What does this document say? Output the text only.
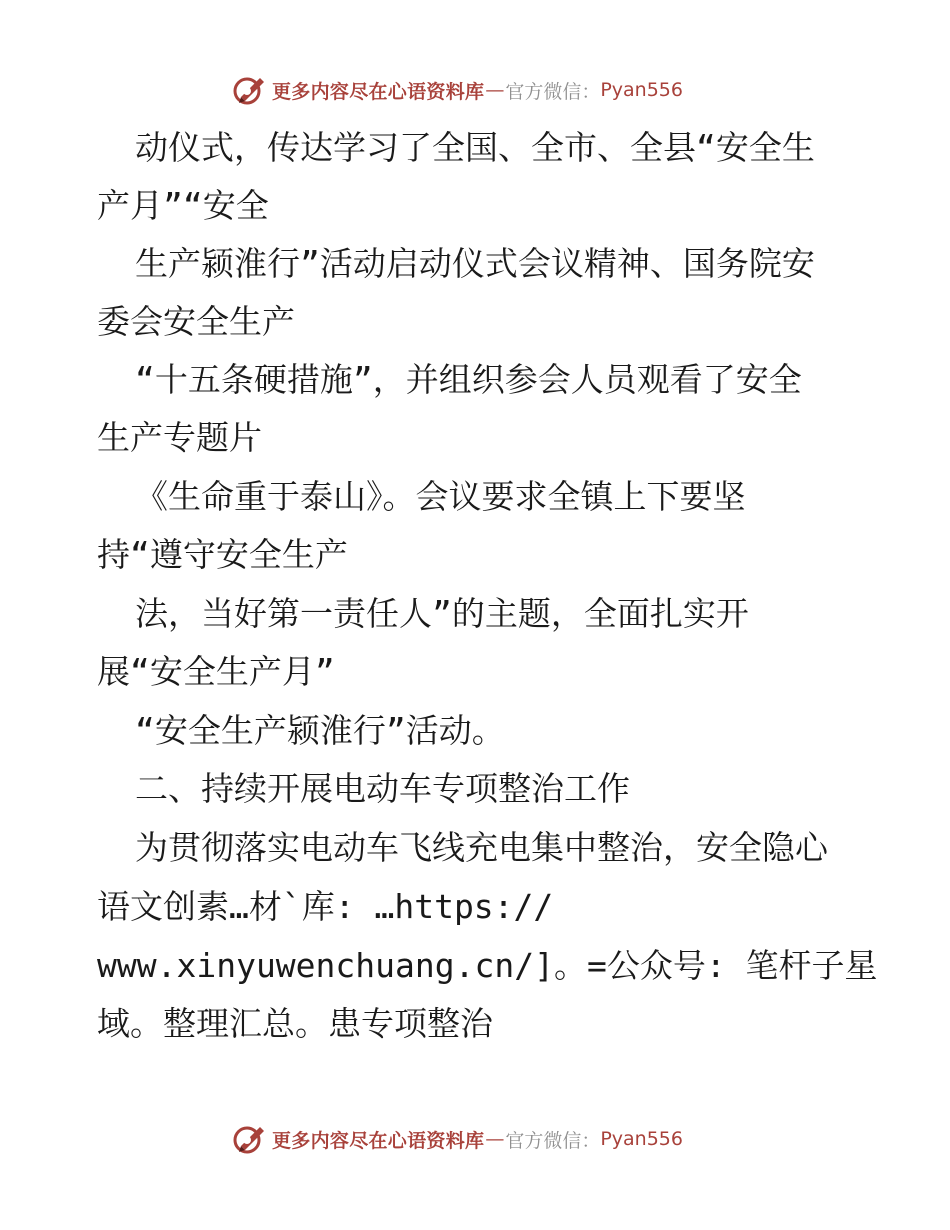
更多内容尽在心语资料库 — 官方微信： Pyan556
动仪式，传达学习了全国、全市、全县“安全生
产月”“安全
生产颍淮行”活动启动仪式会议精神、国务院安
委会安全生产
“十五条硬措施”，并组织参会人员观看了安全
生产专题片
《生命重于泰山》。会议要求全镇上下要坚
持“遵守安全生产
法，当好第一责任人”的主题，全面扎实开
展“安全生产月”
“安全生产颍淮行”活动。
二、持续开展电动车专项整治工作
为贯彻落实电动车飞线充电集中整治，安全隐心
语文创素…材`库: …https://
www.xinyuwenchuang.cn/]。=公众号: 笔杆子星
域。整理汇总。患专项整治
更多内容尽在心语资料库 — 官方微信： Pyan556
